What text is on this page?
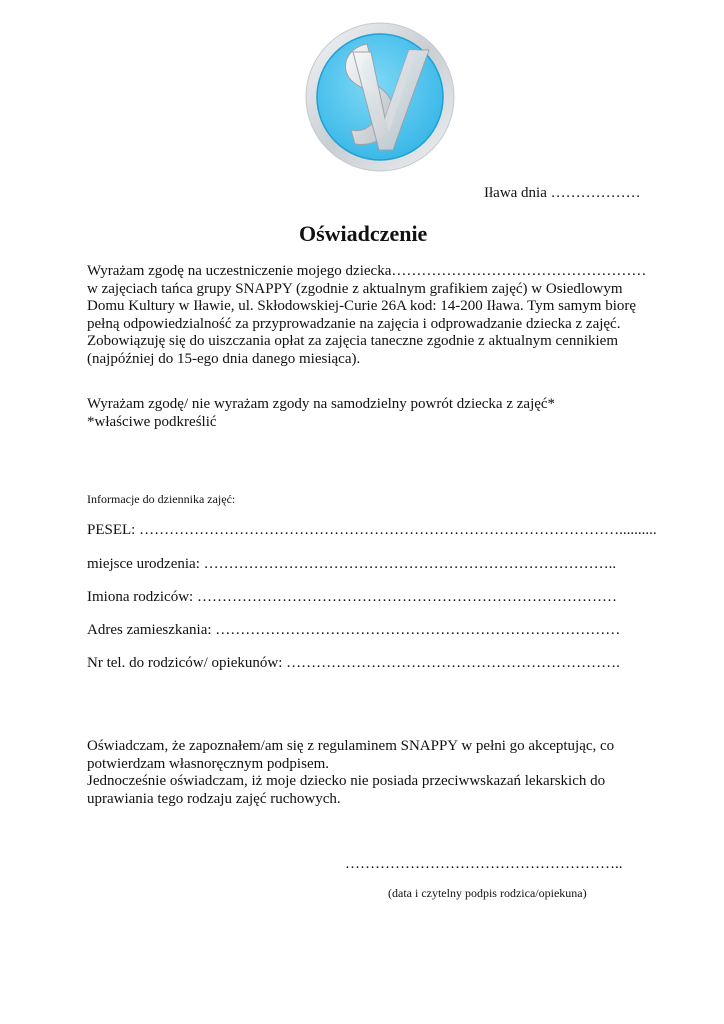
Iława dnia ………………
Oświadczenie
Wyrażam zgodę na uczestniczenie mojego dziecka……………………………………………
w zajęciach tańca grupy SNAPPY (zgodnie z aktualnym grafikiem zajęć) w Osiedlowym
Domu Kultury w Iławie, ul. Skłodowskiej-Curie 26A kod: 14-200 Iława. Tym samym biorę
pełną odpowiedzialność za przyprowadzanie na zajęcia i odprowadzanie dziecka z zajęć.
Zobowiązuję się do uiszczania opłat za zajęcia taneczne zgodnie z aktualnym cennikiem
(najpóźniej do 15-ego dnia danego miesiąca).
Wyrażam zgodę/ nie wyrażam zgody na samodzielny powrót dziecka z zajęć*
*właściwe podkreślić
Informacje do dziennika zajęć:
PESEL: ……………………………………………………………………………………..........
miejsce urodzenia: ………………………………………………………………………..
Imiona rodziców: …………………………………………………………………………
Adres zamieszkania: ………………………………………………………………………
Nr tel. do rodziców/ opiekunów: ………………………………………………………….
Oświadczam, że zapoznałem/am się z regulaminem SNAPPY w pełni go akceptując, co
potwierdzam własnoręcznym podpisem.
Jednocześnie oświadczam, iż moje dziecko nie posiada przeciwwskazań lekarskich do
uprawiania tego rodzaju zajęć ruchowych.
………………………………………………..
(data i czytelny podpis rodzica/opiekuna)
